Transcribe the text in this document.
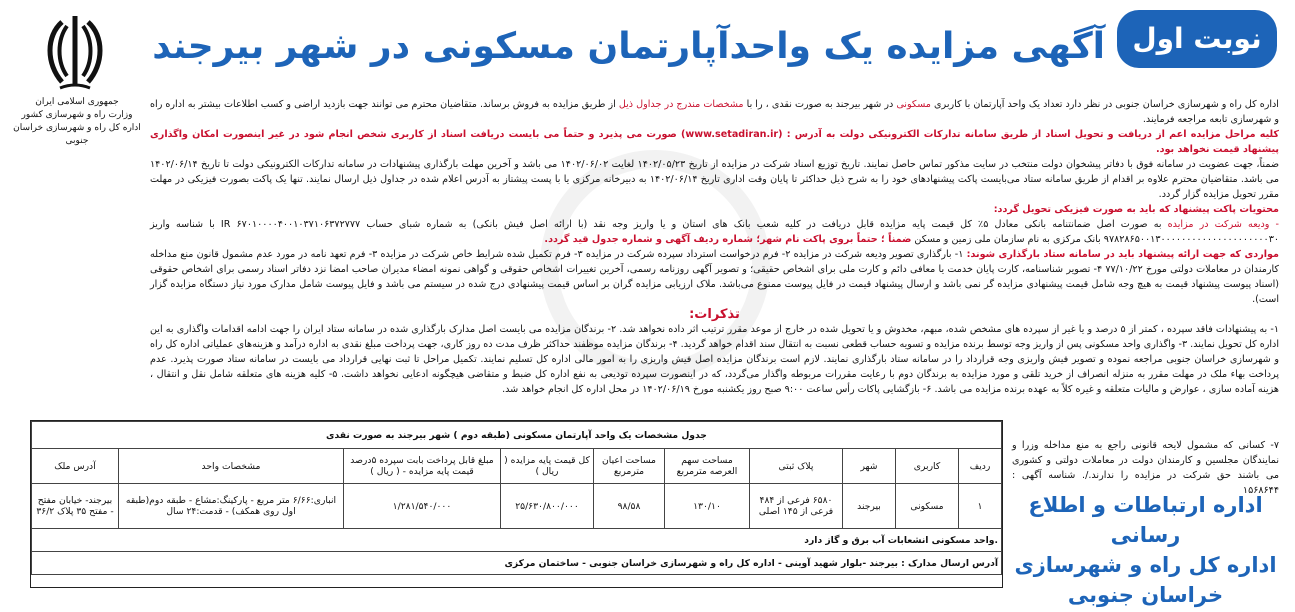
نوبت اول
آگهی مزایده یک واحدآپارتمان مسکونی در شهر بیرجند
جمهوری اسلامی ایران
وزارت راه و شهرسازی کشور
اداره کل راه و شهرسازی خراسان جنوبی

اداره کل راه و شهرسازی خراسان جنوبی در نظر دارد تعداد یک واحد آپارتمان با کاربری مسکونی در شهر بیرجند به صورت نقدی ، را با مشخصات مندرج در جداول ذیل از طریق مزایده به فروش برساند. متقاضیان محترم می توانند جهت بازدید اراضی و کسب اطلاعات بیشتر به اداره راه و شهرسازی تابعه مراجعه فرمایند.

کلیه مراحل مزایده اعم از دریافت و تحویل اسناد از طریق سامانه تدارکات الکترونیکی دولت به آدرس : (www.setadiran.ir) صورت می پذیرد و حتماً می بایست دریافت اسناد از کاربری شخص انجام شود در غیر اینصورت امکان واگذاری پیشنهاد قیمت نخواهد بود.

ضمناً، جهت عضویت در سامانه فوق با دفاتر پیشخوان دولت منتخب در سایت مذکور تماس حاصل نمایند. تاریخ توزیع اسناد شرکت در مزایده از تاریخ ۱۴۰۲/۰۵/۲۳ لغایت ۱۴۰۲/۰۶/۰۲ می باشد و آخرین مهلت بارگذاری پیشنهادات در سامانه تدارکات الکترونیکی دولت تا تاریخ ۱۴۰۲/۰۶/۱۴ می باشد. متقاضیان محترم علاوه بر اقدام از طریق سامانه ستاد می‌بایست پاکت پیشنهادهای خود را به شرح ذیل حداکثر تا پایان وقت اداری تاریخ ۱۴۰۲/۰۶/۱۴ به دبیرخانه مرکزی یا با پست پیشتاز به آدرس اعلام شده در جداول ذیل ارسال نمایند. تنها یک پاکت بصورت فیزیکی در مهلت مقرر تحویل مزایده گزار گردد.

محتویات پاکت پیشنهاد که باید به صورت فیزیکی تحویل گردد:

- ودیعه شرکت در مزایده به صورت اصل ضمانتنامه بانکی معادل ۵٪ کل قیمت پایه مزایده قابل دریافت در کلیه شعب بانک های استان و یا واریز وجه نقد (با ارائه اصل فیش بانکی) به شماره شبای حساب IR ۶۷۰۱۰۰۰۰۴۰۰۱۰۳۷۱۰۶۳۷۲۷۷۷ با شناسه واریز ۹۷۸۲۸۶۵۰۰۱۳۰۰۰۰۰۰۰۰۰۰۰۰۰۰۰۰۰۰۰۰۰۳۰ بانک مرکزی به نام سازمان ملی زمین و مسکن ضمناً ؛ حتماً بروی پاکت نام شهر؛ شماره ردیف آگهی و شماره جدول قید گردد.

مواردی که جهت ارائه پیشنهاد باید در سامانه ستاد بارگذاری شوند: ۱- بارگذاری تصویر ودیعه شرکت در مزایده ۲- فرم درخواست استرداد سپرده شرکت در مزایده ۳- فرم تکمیل شده شرایط خاص شرکت در مزایده ۳- فرم تعهد نامه در مورد عدم مشمول قانون منع مداخله کارمندان در معاملات دولتی مورخ ۷۷/۱۰/۲۲ ۴- تصویر شناسنامه، کارت پایان خدمت یا معافی دائم و کارت ملی برای اشخاص حقیقی؛ و تصویر آگهی روزنامه رسمی، آخرین تغییرات اشخاص حقوقی و گواهی نمونه امضاء مدیران صاحب امضا نزد دفاتر اسناد رسمی برای اشخاص حقوقی (اسناد پیوست پیشنهاد قیمت به هیچ وجه شامل قیمت پیشنهادی مزایده گر نمی باشد و ارسال پیشنهاد قیمت در فایل پیوست ممنوع می‌باشد. ملاک ارزیابی مزایده گران بر اساس قیمت پیشنهادی درج شده در سیستم می باشد و فایل پیوست شامل مدارک مورد نیاز دستگاه مزایده گزار است).

تذکرات:

۱- به پیشنهادات فاقد سپرده ، کمتر از ۵ درصد و یا غیر از سپرده های مشخص شده، مبهم، مخدوش و یا تحویل شده در خارج از موعد مقرر ترتیب اثر داده نخواهد شد. ۲- برندگان مزایده می بایست اصل مدارک بارگذاری شده در سامانه ستاد ایران را جهت ادامه اقدامات واگذاری به این اداره کل تحویل نمایند. ۳- واگذاری واحد مسکونی پس از واریز وجه توسط برنده مزایده و تسویه حساب قطعی نسبت به انتقال سند اقدام خواهد گردید. ۴- برندگان مزایده موظفند حداکثر ظرف مدت ده روز کاری، جهت پرداخت مبلغ نقدی به اداره درآمد و هزینه‌های عملیاتی اداره کل راه و شهرسازی خراسان جنوبی مراجعه نموده و تصویر فیش واریزی وجه قرارداد را در سامانه ستاد بارگذاری نمایند. لازم است برندگان مزایده اصل فیش واریزی را به امور مالی اداره کل تسلیم نمایند. تکمیل مراحل تا ثبت نهایی قرارداد می بایست در سامانه ستاد صورت پذیرد. عدم پرداخت بهاء ملک در مهلت مقرر به منزله انصراف از خرید تلقی و مورد مزایده به برندگان دوم با رعایت مقررات مربوطه واگذار می‌گردد، که در اینصورت سپرده تودیعی به نفع اداره کل ضبط و متقاضی هیچگونه ادعایی نخواهد داشت. ۵- کلیه هزینه های متعلقه شامل نقل و انتقال ، هزینه آماده سازی ، عوارض و مالیات متعلقه و غیره کلاً به عهده برنده مزایده می باشد. ۶- بازگشایی پاکات رأس ساعت ۹:۰۰ صبح روز یکشنبه مورخ ۱۴۰۲/۰۶/۱۹ در محل اداره کل انجام خواهد شد.

جدول مشخصات یک واحد آپارتمان مسکونی (طبقه دوم ) شهر بیرجند به صورت نقدی									
ردیف	کاربری	شهر	پلاک ثبتی	مساحت سهم العرصه مترمربع	مساحت اعیان مترمربع	کل قیمت پایه مزایده ( ریال )	مبلغ قابل پرداخت بابت سپرده ۵درصد قیمت پایه مزایده - ( ریال )	مشخصات واحد	آدرس ملک
۱	مسکونی	بیرجند	۶۵۸۰ فرعی از ۴۸۴ فرعی از ۱۴۵ اصلی	۱۳۰/۱۰	۹۸/۵۸	۲۵/۶۳۰/۸۰۰/۰۰۰	۱/۲۸۱/۵۴۰/۰۰۰	انباری:۶/۶۶ متر مربع - پارکینگ:مشاع - طبقه دوم(طبقه اول روی همکف) - قدمت:۲۴ سال	بیرجند- خیابان مفتح - مفتح ۳۵ پلاک ۳۶/۲
.واحد مسکونی انشعابات آب برق و گاز دارد									
آدرس ارسال مدارک : بیرجند -بلوار شهید آوینی - اداره کل راه و شهرسازی خراسان جنوبی - ساختمان مرکزی									
۷- کسانی که مشمول لایحه قانونی راجع به منع مداخله وزرا و نمایندگان مجلسین و کارمندان دولت در معاملات دولتی و کشوری می باشند حق شرکت در مزایده را ندارند./. شناسه آگهی : ۱۵۶۸۶۴۴
اداره ارتباطات و اطلاع رسانی
اداره کل راه و شهرسازی
خراسان جنوبی
